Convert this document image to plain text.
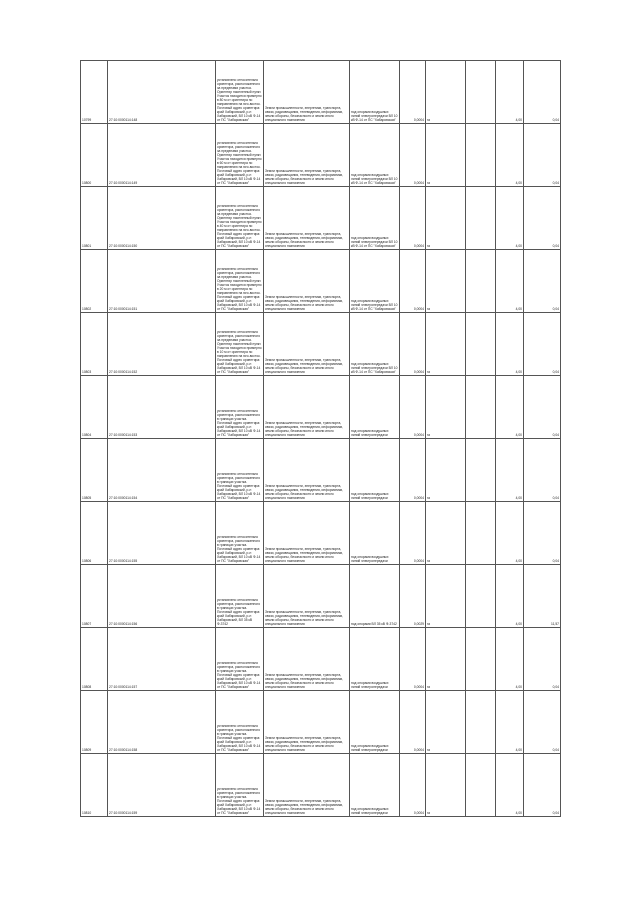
10799	27:10:0000114:148	установлено относительно ориентира, расположенного за пределами участка. Ориентир населенный пункт. Участок находится примерно в 80 м от ориентира по направлению на юго-восток. Почтовый адрес ориентира: край Хабаровский, р-н Хабаровский, ВЛ 10 кВ Ф-14 от ПС "Хабаровская"	Земли промышленности, энергетики, транспорта, связи, радиовещания, телевидения, информатики, земли обороны, безопасности и земли иного специального назначения	под опорами воздушных линий электропередачи ВЛ 10 кВ Ф-14 от ПС "Хабаровская"	0,0004	га		4,00	0,04
10800	27:10:0000114:149	установлено относительно ориентира, расположенного за пределами участка. Ориентир населенный пункт. Участок находится примерно в 60 м от ориентира по направлению на юго-восток. Почтовый адрес ориентира: край Хабаровский, р-н Хабаровский, ВЛ 10 кВ Ф-14 от ПС "Хабаровская"	Земли промышленности, энергетики, транспорта, связи, радиовещания, телевидения, информатики, земли обороны, безопасности и земли иного специального назначения	под опорами воздушных линий электропередачи ВЛ 10 кВ Ф-14 от ПС "Хабаровская"	0,0004	га		4,00	0,04
10801	27:10:0000114:150	установлено относительно ориентира, расположенного за пределами участка. Ориентир населенный пункт. Участок находится примерно в 40 м от ориентира по направлению на юго-восток. Почтовый адрес ориентира: край Хабаровский, р-н Хабаровский, ВЛ 10 кВ Ф-14 от ПС "Хабаровская"	Земли промышленности, энергетики, транспорта, связи, радиовещания, телевидения, информатики, земли обороны, безопасности и земли иного специального назначения	под опорами воздушных линий электропередачи ВЛ 10 кВ Ф-14 от ПС "Хабаровская"	0,0004	га		4,00	0,04
10802	27:10:0000114:151	установлено относительно ориентира, расположенного за пределами участка. Ориентир населенный пункт. Участок находится примерно в 20 м от ориентира по направлению на юго-восток. Почтовый адрес ориентира: край Хабаровский, р-н Хабаровский, ВЛ 10 кВ Ф-14 от ПС "Хабаровская"	Земли промышленности, энергетики, транспорта, связи, радиовещания, телевидения, информатики, земли обороны, безопасности и земли иного специального назначения	под опорами воздушных линий электропередачи ВЛ 10 кВ Ф-14 от ПС "Хабаровская"	0,0004	га		4,00	0,04
10803	27:10:0000114:152	установлено относительно ориентира, расположенного за пределами участка. Ориентир населенный пункт. Участок находится примерно в 10 м от ориентира по направлению на юго-восток. Почтовый адрес ориентира: край Хабаровский, р-н Хабаровский, ВЛ 10 кВ Ф-14 от ПС "Хабаровская"	Земли промышленности, энергетики, транспорта, связи, радиовещания, телевидения, информатики, земли обороны, безопасности и земли иного специального назначения	под опорами воздушных линий электропередачи ВЛ 10 кВ Ф-14 от ПС "Хабаровская"	0,0004	га		4,00	0,04
10804	27:10:0000114:153	установлено относительно ориентира, расположенного в границах участка. Почтовый адрес ориентира: край Хабаровский, р-н Хабаровский, ВЛ 10 кВ Ф-14 от ПС "Хабаровская"	Земли промышленности, энергетики, транспорта, связи, радиовещания, телевидения, информатики, земли обороны, безопасности и земли иного специального назначения	под опорами воздушных линий электропередачи	0,0004	га		4,00	0,04
10805	27:10:0000114:154	установлено относительно ориентира, расположенного в границах участка. Почтовый адрес ориентира: край Хабаровский, р-н Хабаровский, ВЛ 10 кВ Ф-14 от ПС "Хабаровская"	Земли промышленности, энергетики, транспорта, связи, радиовещания, телевидения, информатики, земли обороны, безопасности и земли иного специального назначения	под опорами воздушных линий электропередачи	0,0004	га		4,00	0,04
10806	27:10:0000114:155	установлено относительно ориентира, расположенного в границах участка. Почтовый адрес ориентира: край Хабаровский, р-н Хабаровский, ВЛ 10 кВ Ф-14 от ПС "Хабаровская"	Земли промышленности, энергетики, транспорта, связи, радиовещания, телевидения, информатики, земли обороны, безопасности и земли иного специального назначения	под опорами воздушных линий электропередачи	0,0004	га		4,00	0,04
10807	27:10:0000114:156	установлено относительно ориентира, расположенного в границах участка. Почтовый адрес ориентира: край Хабаровский, р-н Хабаровский, ВЛ 35 кВ Ф-3742	Земли промышленности, энергетики, транспорта, связи, радиовещания, телевидения, информатики, земли обороны, безопасности и земли иного специального назначения	под опорами ВЛ 35 кВ Ф-3742	0,0029	га		4,00	11,57
10808	27:10:0000114:157	установлено относительно ориентира, расположенного в границах участка. Почтовый адрес ориентира: край Хабаровский, р-н Хабаровский, ВЛ 10 кВ Ф-14 от ПС "Хабаровская"	Земли промышленности, энергетики, транспорта, связи, радиовещания, телевидения, информатики, земли обороны, безопасности и земли иного специального назначения	под опорами воздушных линий электропередачи	0,0004	га		4,00	0,04
10809	27:10:0000114:158	установлено относительно ориентира, расположенного в границах участка. Почтовый адрес ориентира: край Хабаровский, р-н Хабаровский, ВЛ 10 кВ Ф-14 от ПС "Хабаровская"	Земли промышленности, энергетики, транспорта, связи, радиовещания, телевидения, информатики, земли обороны, безопасности и земли иного специального назначения	под опорами воздушных линий электропередачи	0,0004	га		4,00	0,04
10810	27:10:0000114:159	установлено относительно ориентира, расположенного в границах участка. Почтовый адрес ориентира: край Хабаровский, р-н Хабаровский, ВЛ 10 кВ Ф-14 от ПС "Хабаровская"	Земли промышленности, энергетики, транспорта, связи, радиовещания, телевидения, информатики, земли обороны, безопасности и земли иного специального назначения	под опорами воздушных линий электропередачи	0,0004	га		4,00	0,04
